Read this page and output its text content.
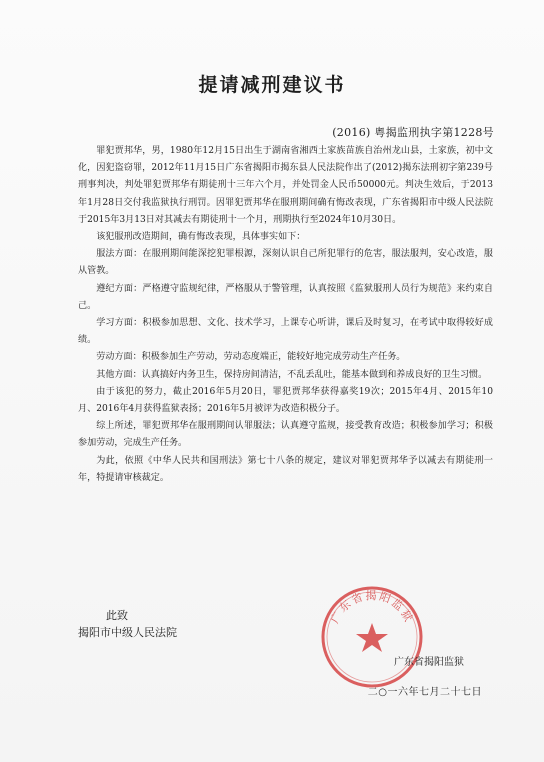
提请减刑建议书
(2016) 粤揭监刑执字第1228号

罪犯贾邦华，男，1980年12月15日出生于湖南省湘西土家族苗族自治州龙山县，土家族，初中文化，因犯盗窃罪，2012年11月15日广东省揭阳市揭东县人民法院作出了(2012)揭东法刑初字第239号刑事判决，判处罪犯贾邦华有期徒刑十三年六个月，并处罚金人民币50000元。判决生效后，于2013年1月28日交付我监狱执行刑罚。因罪犯贾邦华在服刑期间确有悔改表现，广东省揭阳市中级人民法院于2015年3月13日对其减去有期徒刑十一个月，刑期执行至2024年10月30日。

该犯服刑改造期间，确有悔改表现，具体事实如下：

服法方面：在服刑期间能深挖犯罪根源，深刻认识自己所犯罪行的危害，服法服判，安心改造，服从管教。

遵纪方面：严格遵守监规纪律，严格服从于警管理，认真按照《监狱服刑人员行为规范》来约束自己。

学习方面：积极参加思想、文化、技术学习，上课专心听讲，课后及时复习，在考试中取得较好成绩。

劳动方面：积极参加生产劳动，劳动态度端正，能较好地完成劳动生产任务。

其他方面：认真搞好内务卫生，保持房间清洁，不乱丢乱吐，能基本做到和养成良好的卫生习惯。

由于该犯的努力，截止2016年5月20日，罪犯贾邦华获得嘉奖19次；2015年4月、2015年10月、2016年4月获得监狱表扬；2016年5月被评为改造积极分子。

综上所述，罪犯贾邦华在服刑期间认罪服法；认真遵守监规，接受教育改造；积极参加学习；积极参加劳动，完成生产任务。

为此，依照《中华人民共和国刑法》第七十八条的规定，建议对罪犯贾邦华予以减去有期徒刑一年，特提请审核裁定。

此致
揭阳市中级人民法院
广东省揭阳监狱
广东省揭阳监狱
二○一六年七月二十七日
